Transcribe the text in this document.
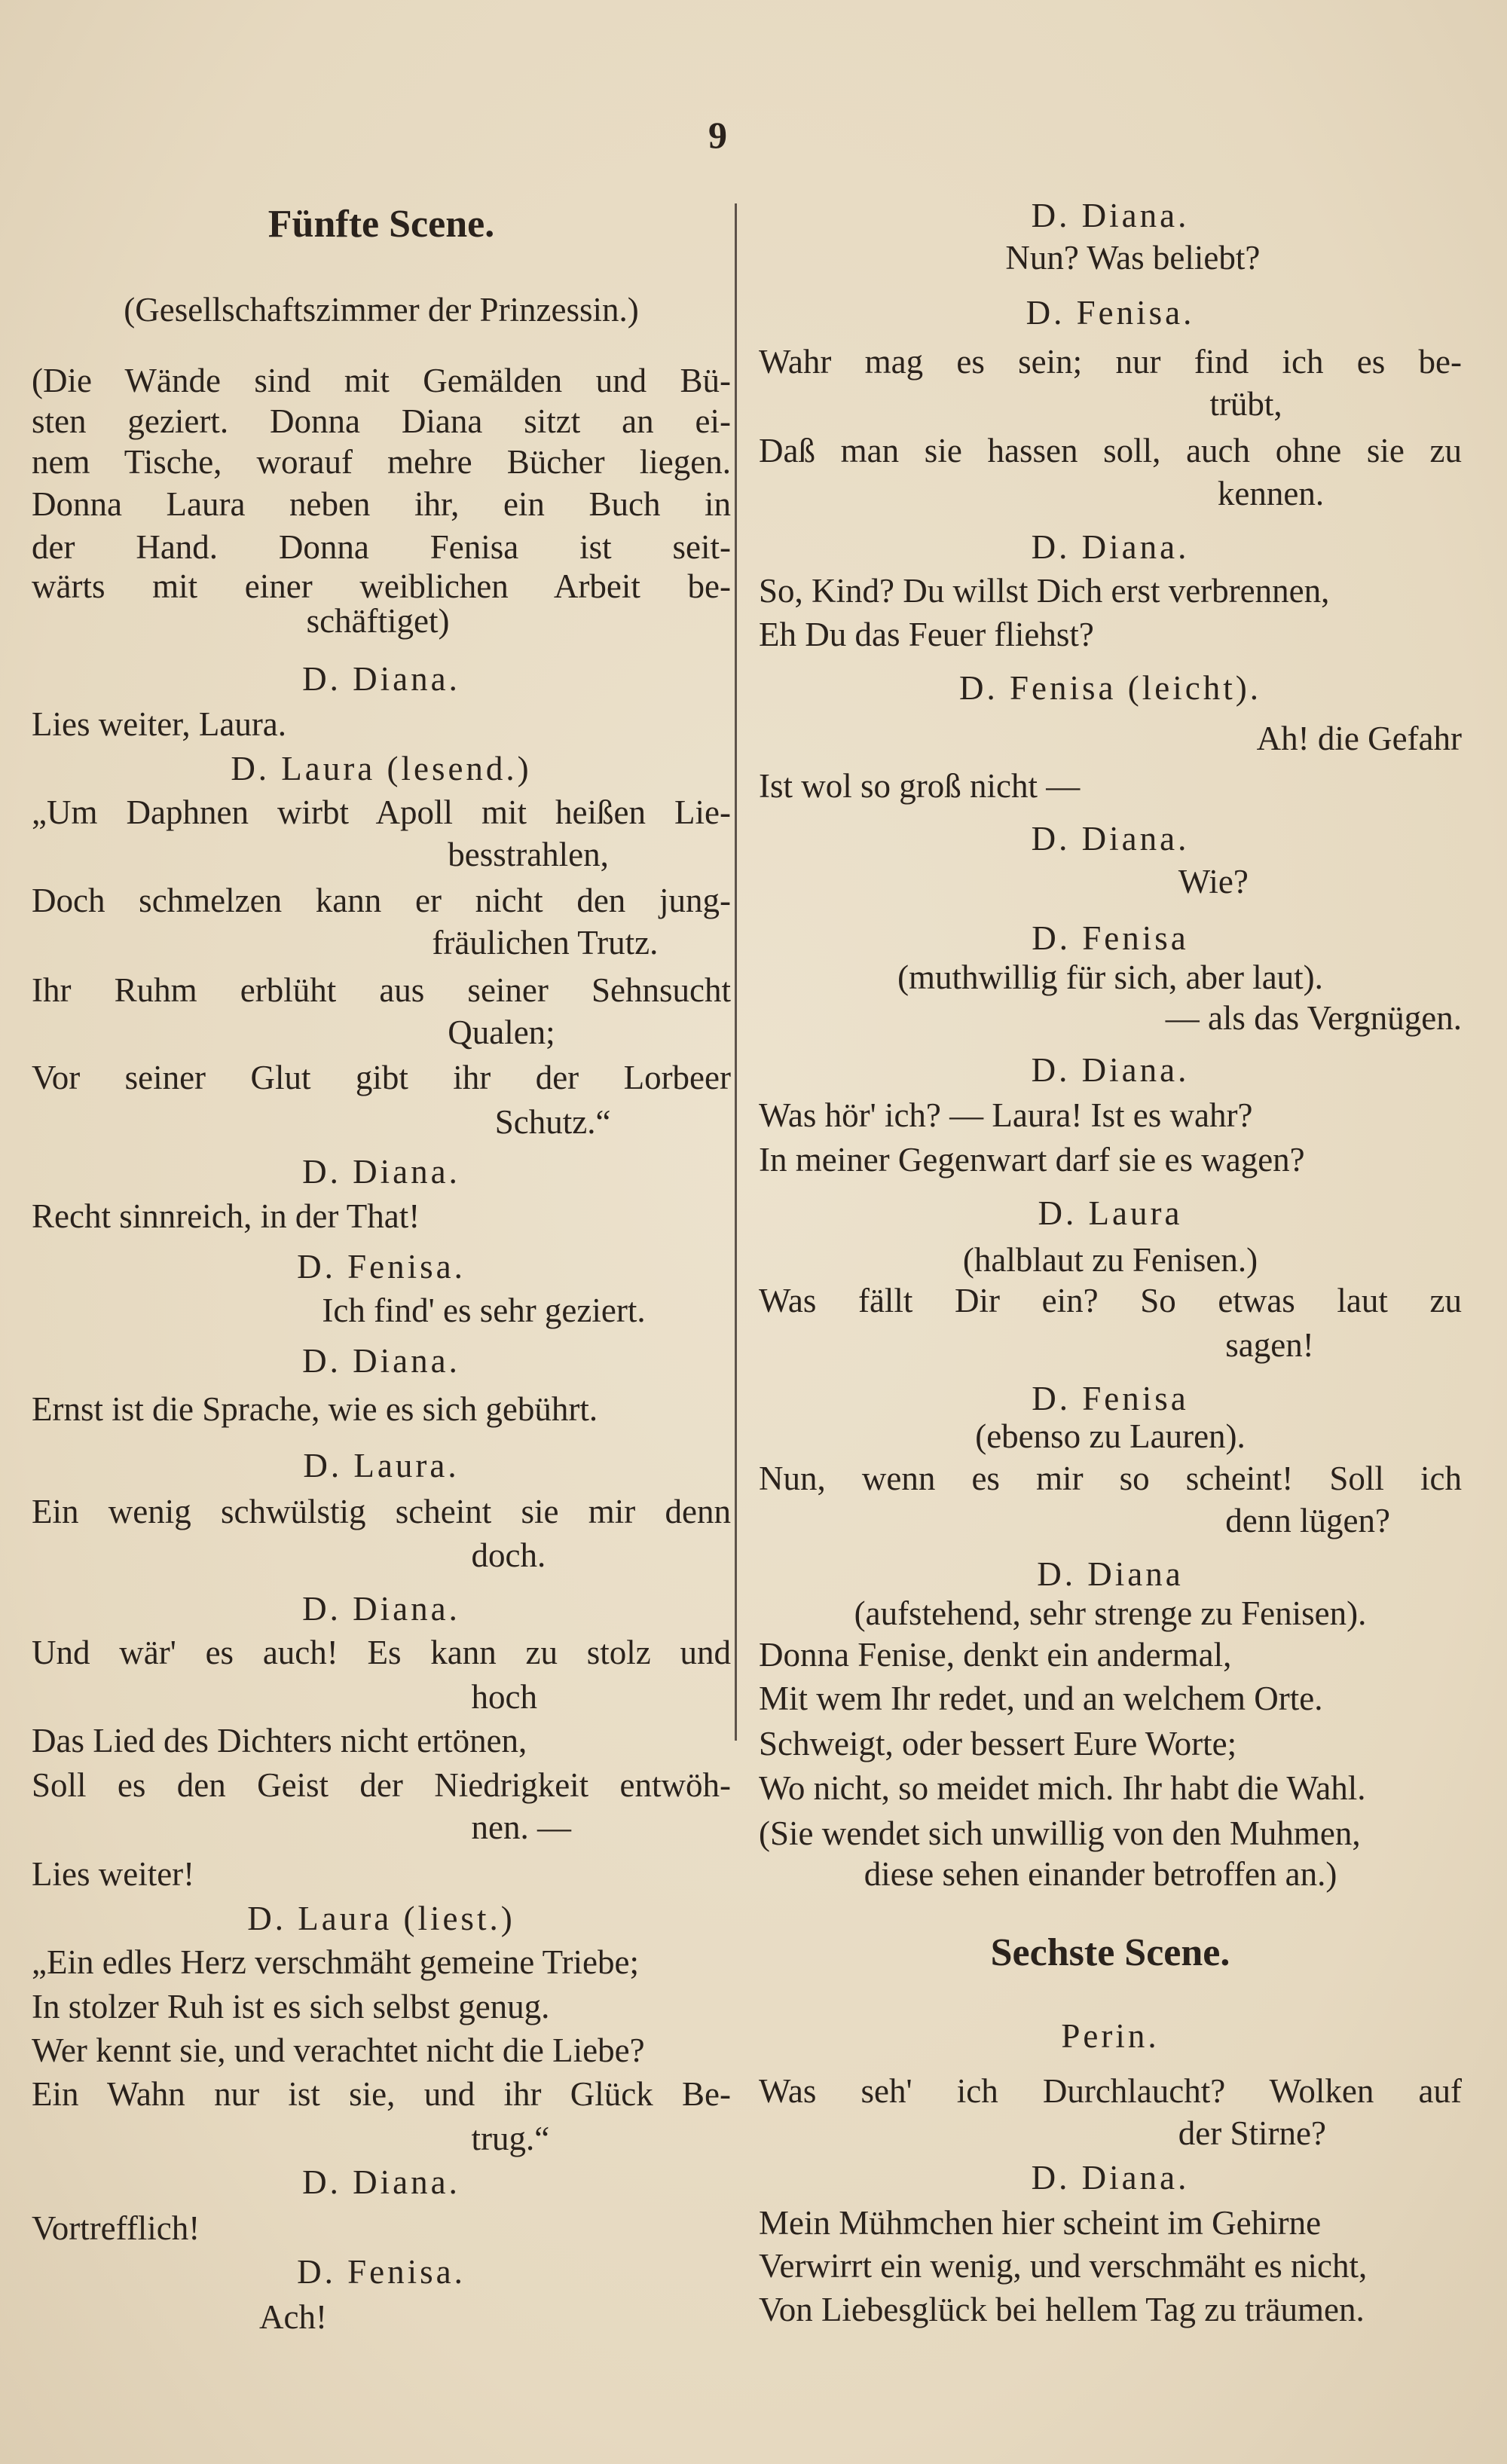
9
Fünfte Scene.
(Gesellschaftszimmer der Prinzessin.)
(Die Wände sind mit Gemälden und Bü-
sten geziert. Donna Diana sitzt an ei-
nem Tische, worauf mehre Bücher liegen.
Donna Laura neben ihr, ein Buch in
der Hand. Donna Fenisa ist seit-
wärts mit einer weiblichen Arbeit be-
schäftiget)
D. Diana.
Lies weiter, Laura.
D. Laura (lesend.)
„Um Daphnen wirbt Apoll mit heißen Lie-
besstrahlen,
Doch schmelzen kann er nicht den jung-
fräulichen Trutz.
Ihr Ruhm erblüht aus seiner Sehnsucht
Qualen;
Vor seiner Glut gibt ihr der Lorbeer
Schutz.“
D. Diana.
Recht sinnreich, in der That!
D. Fenisa.
Ich find' es sehr geziert.
D. Diana.
Ernst ist die Sprache, wie es sich gebührt.
D. Laura.
Ein wenig schwülstig scheint sie mir denn
doch.
D. Diana.
Und wär' es auch! Es kann zu stolz und
hoch
Das Lied des Dichters nicht ertönen,
Soll es den Geist der Niedrigkeit entwöh-
nen. —
Lies weiter!
D. Laura (liest.)
„Ein edles Herz verschmäht gemeine Triebe;
In stolzer Ruh ist es sich selbst genug.
Wer kennt sie, und verachtet nicht die Liebe?
Ein Wahn nur ist sie, und ihr Glück Be-
trug.“
D. Diana.
Vortrefflich!
D. Fenisa.
Ach!
D. Diana.
Nun? Was beliebt?
D. Fenisa.
Wahr mag es sein; nur find ich es be-
trübt,
Daß man sie hassen soll, auch ohne sie zu
kennen.
D. Diana.
So, Kind? Du willst Dich erst verbrennen,
Eh Du das Feuer fliehst?
D. Fenisa (leicht).
Ah! die Gefahr
Ist wol so groß nicht —
D. Diana.
Wie?
D. Fenisa
(muthwillig für sich, aber laut).
— als das Vergnügen.
D. Diana.
Was hör' ich? — Laura! Ist es wahr?
In meiner Gegenwart darf sie es wagen?
D. Laura
(halblaut zu Fenisen.)
Was fällt Dir ein? So etwas laut zu
sagen!
D. Fenisa
(ebenso zu Lauren).
Nun, wenn es mir so scheint! Soll ich
denn lügen?
D. Diana
(aufstehend, sehr strenge zu Fenisen).
Donna Fenise, denkt ein andermal,
Mit wem Ihr redet, und an welchem Orte.
Schweigt, oder bessert Eure Worte;
Wo nicht, so meidet mich. Ihr habt die Wahl.
(Sie wendet sich unwillig von den Muhmen,
diese sehen einander betroffen an.)
Sechste Scene.
Perin.
Was seh' ich Durchlaucht? Wolken auf
der Stirne?
D. Diana.
Mein Mühmchen hier scheint im Gehirne
Verwirrt ein wenig, und verschmäht es nicht,
Von Liebesglück bei hellem Tag zu träumen.
